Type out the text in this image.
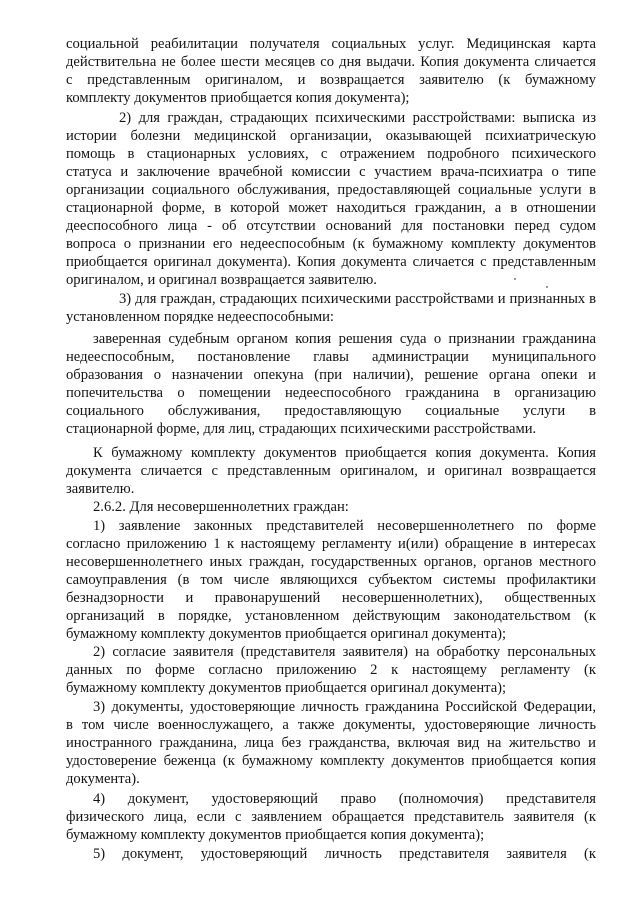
социальной реабилитации получателя социальных услуг. Медицинская карта
действительна не более шести месяцев со дня выдачи. Копия документа сличается
с представленным оригиналом, и возвращается заявителю (к бумажному
комплекту документов приобщается копия документа);
2) для граждан, страдающих психическими расстройствами: выписка из
истории болезни медицинской организации, оказывающей психиатрическую
помощь в стационарных условиях, с отражением подробного психического
статуса и заключение врачебной комиссии с участием врача-психиатра о типе
организации социального обслуживания, предоставляющей социальные услуги в
стационарной форме, в которой может находиться гражданин, а в отношении
дееспособного лица - об отсутствии оснований для постановки перед судом
вопроса о признании его недееспособным (к бумажному комплекту документов
приобщается оригинал документа). Копия документа сличается с представленным
оригиналом, и оригинал возвращается заявителю.
3) для граждан, страдающих психическими расстройствами и признанных в
установленном порядке недееспособными:
заверенная судебным органом копия решения суда о признании гражданина
недееспособным, постановление главы администрации муниципального
образования о назначении опекуна (при наличии), решение органа опеки и
попечительства о помещении недееспособного гражданина в организацию
социального обслуживания, предоставляющую социальные услуги в
стационарной форме, для лиц, страдающих психическими расстройствами.
К бумажному комплекту документов приобщается копия документа. Копия
документа сличается с представленным оригиналом, и оригинал возвращается
заявителю.
2.6.2. Для несовершеннолетних граждан:
1) заявление законных представителей несовершеннолетнего по форме
согласно приложению 1 к настоящему регламенту и(или) обращение в интересах
несовершеннолетнего иных граждан, государственных органов, органов местного
самоуправления (в том числе являющихся субъектом системы профилактики
безнадзорности и правонарушений несовершеннолетних), общественных
организаций в порядке, установленном действующим законодательством (к
бумажному комплекту документов приобщается оригинал документа);
2) согласие заявителя (представителя заявителя) на обработку персональных
данных по форме согласно приложению 2 к настоящему регламенту (к
бумажному комплекту документов приобщается оригинал документа);
3) документы, удостоверяющие личность гражданина Российской Федерации,
в том числе военнослужащего, а также документы, удостоверяющие личность
иностранного гражданина, лица без гражданства, включая вид на жительство и
удостоверение беженца (к бумажному комплекту документов приобщается копия
документа).
4) документ, удостоверяющий право (полномочия) представителя
физического лица, если с заявлением обращается представитель заявителя (к
бумажному комплекту документов приобщается копия документа);
5) документ, удостоверяющий личность представителя заявителя (к
